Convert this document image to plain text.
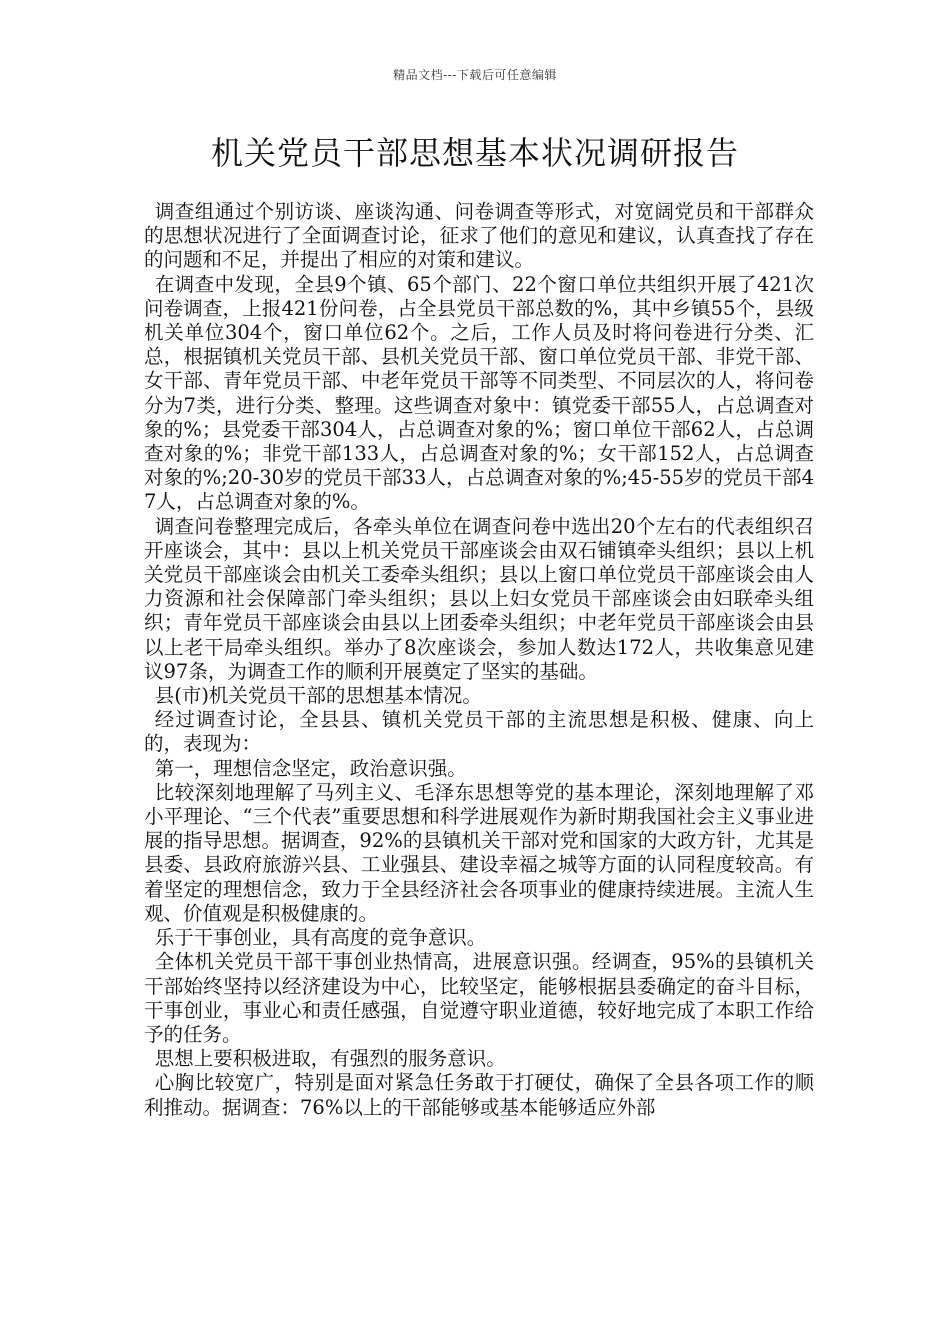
精品文档---下载后可任意编辑
机关党员干部思想基本状况调研报告

调查组通过个别访谈、座谈沟通、问卷调查等形式，对宽阔党员和干部群众的思想状况进行了全面调查讨论，征求了他们的意见和建议，认真查找了存在的问题和不足，并提出了相应的对策和建议。

在调查中发现，全县9个镇、65个部门、22个窗口单位共组织开展了421次问卷调查，上报421份问卷，占全县党员干部总数的%，其中乡镇55个，县级机关单位304个，窗口单位62个。之后，工作人员及时将问卷进行分类、汇总，根据镇机关党员干部、县机关党员干部、窗口单位党员干部、非党干部、女干部、青年党员干部、中老年党员干部等不同类型、不同层次的人，将问卷分为7类，进行分类、整理。这些调查对象中：镇党委干部55人，占总调查对象的%；县党委干部304人，占总调查对象的%；窗口单位干部62人，占总调查对象的%；非党干部133人，占总调查对象的%；女干部152人，占总调查对象的%;20-30岁的党员干部33人，占总调查对象的%;45-55岁的党员干部47人，占总调查对象的%。

调查问卷整理完成后，各牵头单位在调查问卷中选出20个左右的代表组织召开座谈会，其中：县以上机关党员干部座谈会由双石铺镇牵头组织；县以上机关党员干部座谈会由机关工委牵头组织；县以上窗口单位党员干部座谈会由人力资源和社会保障部门牵头组织；县以上妇女党员干部座谈会由妇联牵头组织；青年党员干部座谈会由县以上团委牵头组织；中老年党员干部座谈会由县以上老干局牵头组织。举办了8次座谈会，参加人数达172人，共收集意见建议97条，为调查工作的顺利开展奠定了坚实的基础。

县(市)机关党员干部的思想基本情况。

经过调查讨论，全县县、镇机关党员干部的主流思想是积极、健康、向上的，表现为：

第一，理想信念坚定，政治意识强。

比较深刻地理解了马列主义、毛泽东思想等党的基本理论，深刻地理解了邓小平理论、“三个代表”重要思想和科学进展观作为新时期我国社会主义事业进展的指导思想。据调查，92%的县镇机关干部对党和国家的大政方针，尤其是县委、县政府旅游兴县、工业强县、建设幸福之城等方面的认同程度较高。有着坚定的理想信念，致力于全县经济社会各项事业的健康持续进展。主流人生观、价值观是积极健康的。

乐于干事创业，具有高度的竞争意识。

全体机关党员干部干事创业热情高，进展意识强。经调查，95%的县镇机关干部始终坚持以经济建设为中心，比较坚定，能够根据县委确定的奋斗目标，干事创业，事业心和责任感强，自觉遵守职业道德，较好地完成了本职工作给予的任务。

思想上要积极进取，有强烈的服务意识。

心胸比较宽广，特别是面对紧急任务敢于打硬仗，确保了全县各项工作的顺利推动。据调查：76%以上的干部能够或基本能够适应外部
